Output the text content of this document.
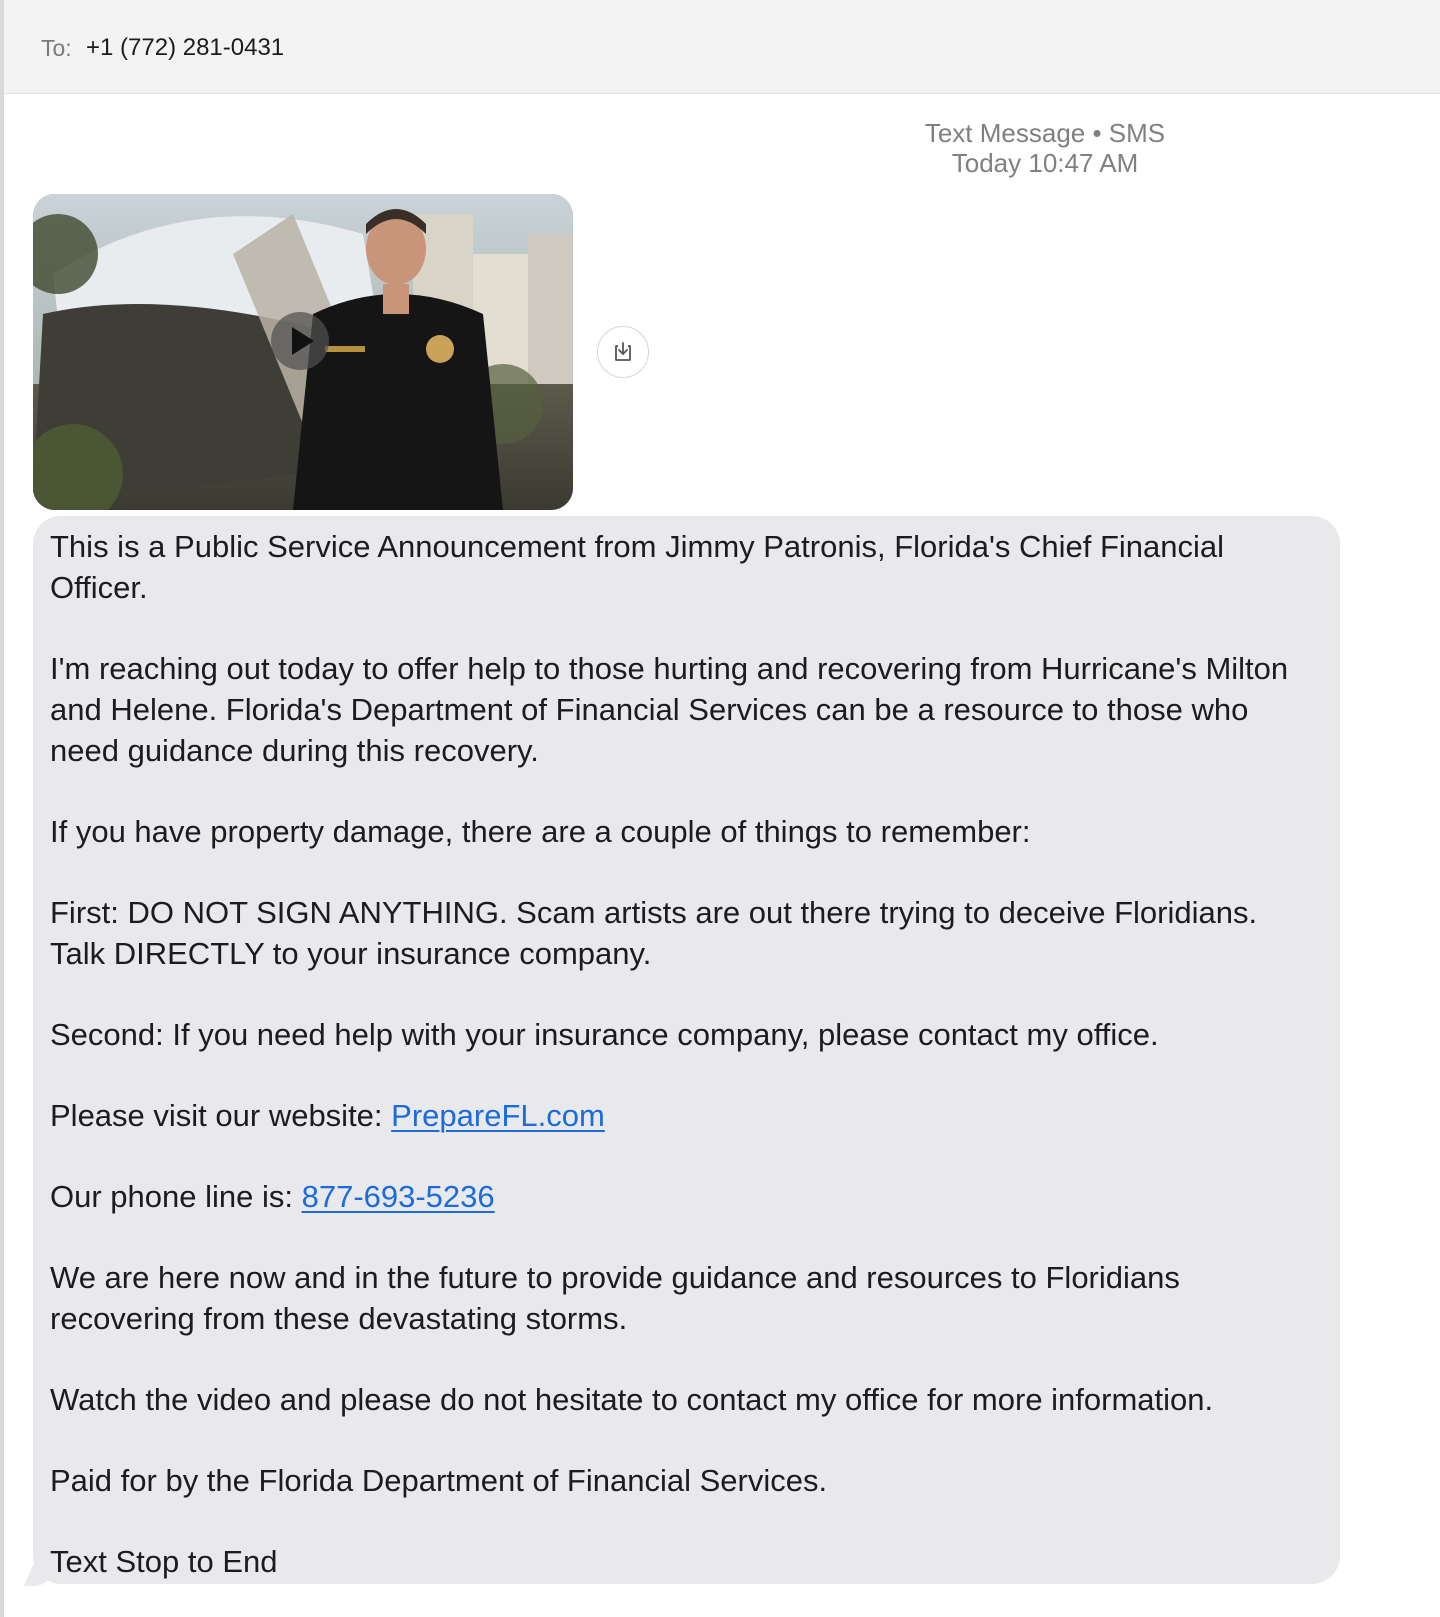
To: +1 (772) 281-0431
Text Message • SMS
Today 10:47 AM

This is a Public Service Announcement from Jimmy Patronis, Florida's Chief Financial Officer.

I'm reaching out today to offer help to those hurting and recovering from Hurricane's Milton and Helene. Florida's Department of Financial Services can be a resource to those who need guidance during this recovery.

If you have property damage, there are a couple of things to remember:

First: DO NOT SIGN ANYTHING. Scam artists are out there trying to deceive Floridians.
Talk DIRECTLY to your insurance company.

Second: If you need help with your insurance company, please contact my office.

Please visit our website: PrepareFL.com

Our phone line is: 877-693-5236

We are here now and in the future to provide guidance and resources to Floridians recovering from these devastating storms.

Watch the video and please do not hesitate to contact my office for more information.

Paid for by the Florida Department of Financial Services.

Text Stop to End
